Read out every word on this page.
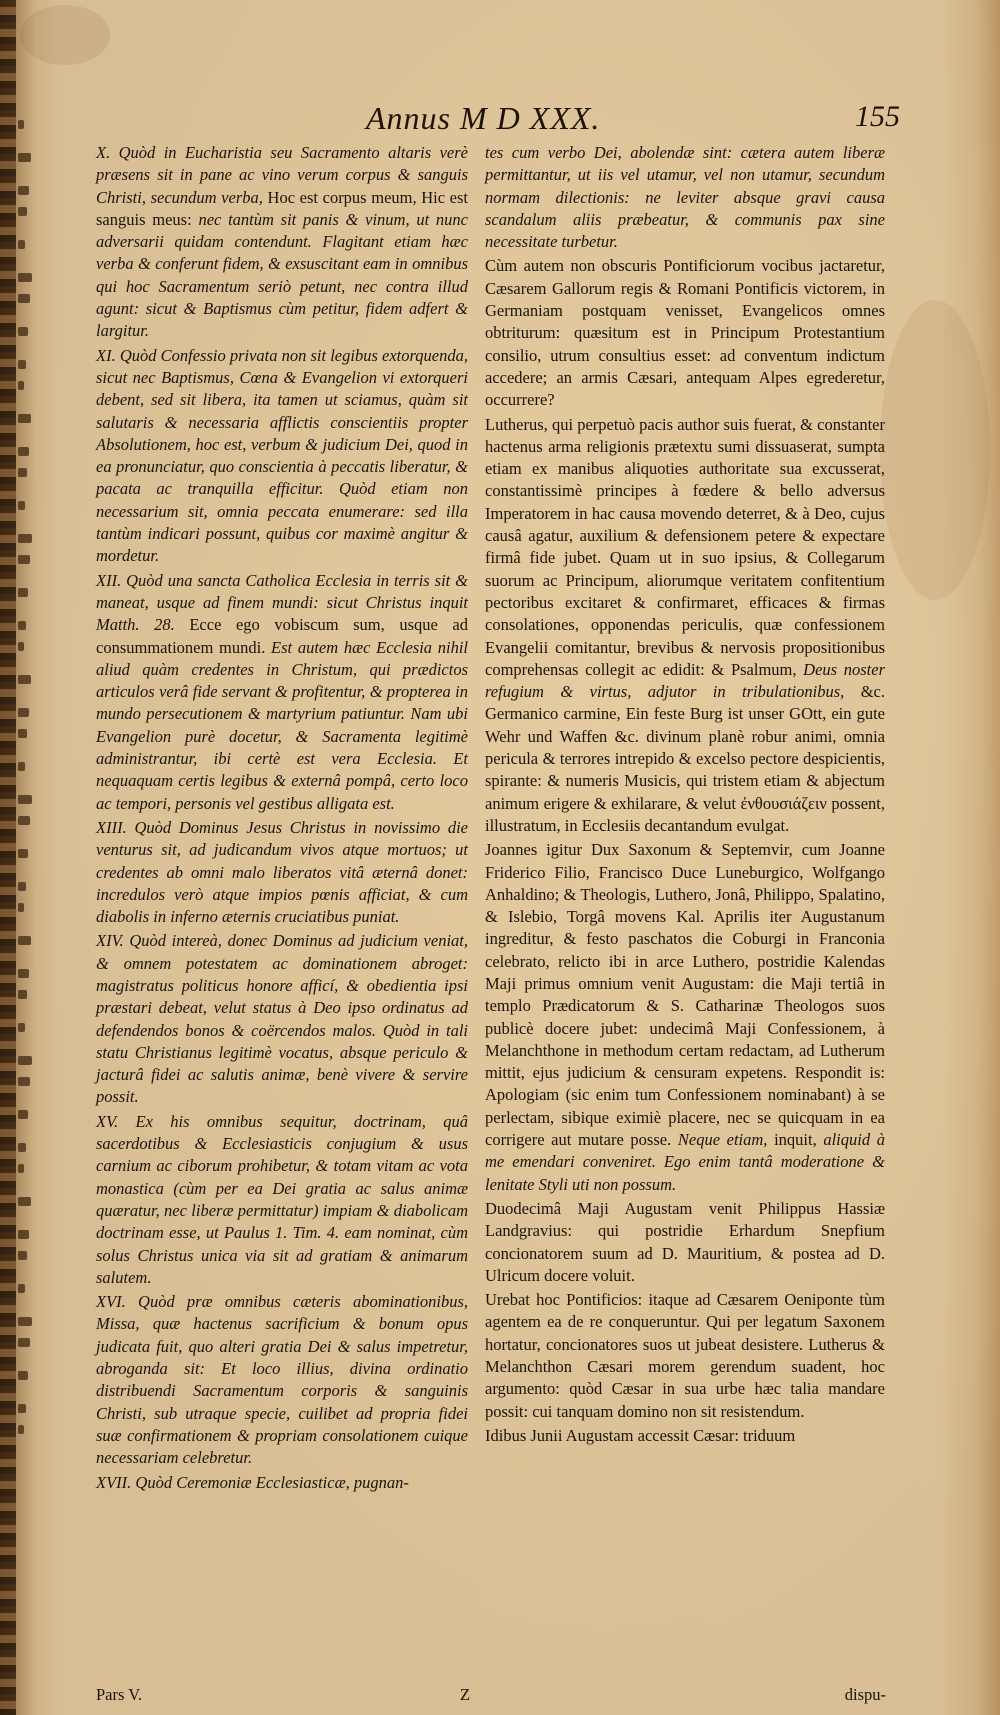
Annus M D XXX.	155

X. Quòd in Eucharistia seu Sacramento altaris verè præsens sit in pane ac vino verum corpus & sanguis Christi, secundum verba, Hoc est corpus meum, Hic est sanguis meus: nec tantùm sit panis & vinum, ut nunc adversarii quidam contendunt. Flagitant etiam hæc verba & conferunt fidem, & exsuscitant eam in omnibus qui hoc Sacramentum seriò petunt, nec contra illud agunt: sicut & Baptismus cùm petitur, fidem adfert & largitur.

XI. Quòd Confessio privata non sit legibus extorquenda, sicut nec Baptismus, Cœna & Evangelion vi extorqueri debent, sed sit libera, ita tamen ut sciamus, quàm sit salutaris & necessaria afflictis conscientiis propter Absolutionem, hoc est, verbum & judicium Dei, quod in ea pronunciatur, quo conscientia à peccatis liberatur, & pacata ac tranquilla efficitur. Quòd etiam non necessarium sit, omnia peccata enumerare: sed illa tantùm indicari possunt, quibus cor maximè angitur & mordetur.

XII. Quòd una sancta Catholica Ecclesia in terris sit & maneat, usque ad finem mundi: sicut Christus inquit Matth. 28. Ecce ego vobiscum sum, usque ad consummationem mundi. Est autem hæc Ecclesia nihil aliud quàm credentes in Christum, qui prædictos articulos verâ fide servant & profitentur, & propterea in mundo persecutionem & martyrium patiuntur. Nam ubi Evangelion purè docetur, & Sacramenta legitimè administrantur, ibi certè est vera Ecclesia. Et nequaquam certis legibus & externâ pompâ, certo loco ac tempori, personis vel gestibus alligata est.

XIII. Quòd Dominus Jesus Christus in novissimo die venturus sit, ad judicandum vivos atque mortuos; ut credentes ab omni malo liberatos vitâ æternâ donet: incredulos verò atque impios pœnis afficiat, & cum diabolis in inferno æternis cruciatibus puniat.

XIV. Quòd intereà, donec Dominus ad judicium veniat, & omnem potestatem ac dominationem abroget: magistratus politicus honore afficí, & obedientia ipsi præstari debeat, velut status à Deo ipso ordinatus ad defendendos bonos & coërcendos malos. Quòd in tali statu Christianus legitimè vocatus, absque periculo & jacturâ fidei ac salutis animæ, benè vivere & servire possit.

XV. Ex his omnibus sequitur, doctrinam, quâ sacerdotibus & Ecclesiasticis conjugium & usus carnium ac ciborum prohibetur, & totam vitam ac vota monastica (cùm per ea Dei gratia ac salus animæ quæratur, nec liberæ permittatur) impiam & diabolicam doctrinam esse, ut Paulus 1. Tim. 4. eam nominat, cùm solus Christus unica via sit ad gratiam & animarum salutem.

XVI. Quòd præ omnibus cæteris abominationibus, Missa, quæ hactenus sacrificium & bonum opus judicata fuit, quo alteri gratia Dei & salus impetretur, abroganda sit: Et loco illius, divina ordinatio distribuendi Sacramentum corporis & sanguinis Christi, sub utraque specie, cuilibet ad propria fidei suæ confirmationem & propriam consolationem cuique necessariam celebretur.

XVII. Quòd Ceremoniæ Ecclesiasticæ, pugnan-

tes cum verbo Dei, abolendæ sint: cætera autem liberæ permittantur, ut iis vel utamur, vel non utamur, secundum normam dilectionis: ne leviter absque gravi causa scandalum aliis præbeatur, & communis pax sine necessitate turbetur.

Cùm autem non obscuris Pontificiorum vocibus jactaretur, Cæsarem Gallorum regis & Romani Pontificis victorem, in Germaniam postquam venisset, Evangelicos omnes obtriturum: quæsitum est in Principum Protestantium consilio, utrum consultius esset: ad conventum indictum accedere; an armis Cæsari, antequam Alpes egrederetur, occurrere?

Lutherus, qui perpetuò pacis author suis fuerat, & constanter hactenus arma religionis prætextu sumi dissuaserat, sumpta etiam ex manibus aliquoties authoritate sua excusserat, constantissimè principes à fœdere & bello adversus Imperatorem in hac causa movendo deterret, & à Deo, cujus causâ agatur, auxilium & defensionem petere & expectare firmâ fide jubet. Quam ut in suo ipsius, & Collegarum suorum ac Principum, aliorumque veritatem confitentium pectoribus excitaret & confirmaret, efficaces & firmas consolationes, opponendas periculis, quæ confessionem Evangelii comitantur, brevibus & nervosis propositionibus comprehensas collegit ac edidit: & Psalmum, Deus noster refugium & virtus, adjutor in tribulationibus, &c. Germanico carmine, Ein feste Burg ist unser GOtt, ein gute Wehr und Waffen &c. divinum planè robur animi, omnia pericula & terrores intrepido & excelso pectore despicientis, spirante: & numeris Musicis, qui tristem etiam & abjectum animum erigere & exhilarare, & velut ἐνθουσιάζειν possent, illustratum, in Ecclesiis decantandum evulgat.

Joannes igitur Dux Saxonum & Septemvir, cum Joanne Friderico Filio, Francisco Duce Luneburgico, Wolfgango Anhaldino; & Theologis, Luthero, Jonâ, Philippo, Spalatino, & Islebio, Torgâ movens Kal. Aprilis iter Augustanum ingreditur, & festo paschatos die Coburgi in Franconia celebrato, relicto ibi in arce Luthero, postridie Kalendas Maji primus omnium venit Augustam: die Maji tertiâ in templo Prædicatorum & S. Catharinæ Theologos suos publicè docere jubet: undecimâ Maji Confessionem, à Melanchthone in methodum certam redactam, ad Lutherum mittit, ejus judicium & censuram expetens. Respondit is: Apologiam (sic enim tum Confessionem nominabant) à se perlectam, sibique eximiè placere, nec se quicquam in ea corrigere aut mutare posse. Neque etiam, inquit, aliquid à me emendari conveniret. Ego enim tantâ moderatione & lenitate Styli uti non possum.

Duodecimâ Maji Augustam venit Philippus Hassiæ Landgravius: qui postridie Erhardum Snepfium concionatorem suum ad D. Mauritium, & postea ad D. Ulricum docere voluit.

Urebat hoc Pontificios: itaque ad Cæsarem Oeniponte tùm agentem ea de re conqueruntur. Qui per legatum Saxonem hortatur, concionatores suos ut jubeat desistere. Lutherus & Melanchthon Cæsari morem gerendum suadent, hoc argumento: quòd Cæsar in sua urbe hæc talia mandare possit: cui tanquam domino non sit resistendum.

Idibus Junii Augustam accessit Cæsar: triduum

Pars V.	Z	dispu-
